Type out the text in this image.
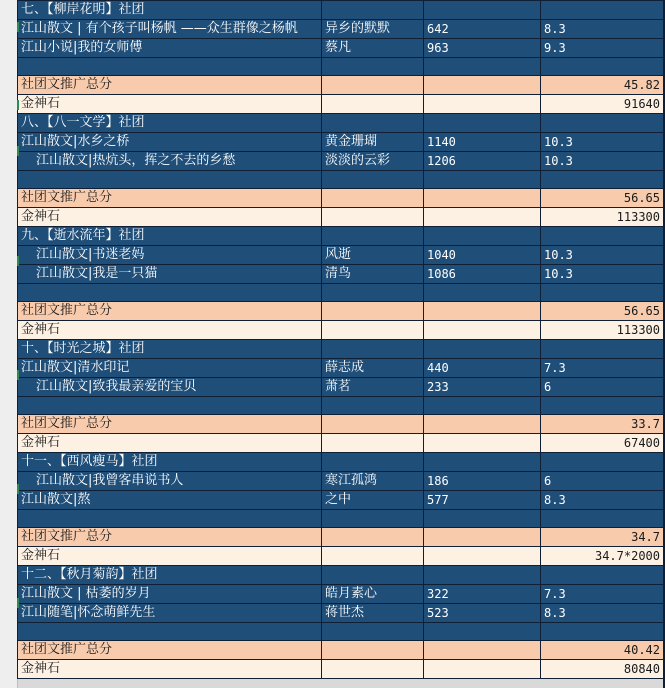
七、【柳岸花明】社团			
江山散文 | 有个孩子叫杨帆 ——众生群像之杨帆	异乡的默默	642	8.3
江山小说|我的女师傅	蔡凡	963	9.3

社团文推广总分			45.82
金神石			91640
八、【八一文学】社团			
江山散文|水乡之桥	黄金珊瑚	1140	10.3
江山散文|热炕头，挥之不去的乡愁	淡淡的云彩	1206	10.3

社团文推广总分			56.65
金神石			113300
九、【逝水流年】社团			
江山散文|书迷老妈	风逝	1040	10.3
江山散文|我是一只猫	清鸟	1086	10.3

社团文推广总分			56.65
金神石			113300
十、【时光之城】社团			
江山散文|清水印记	薛志成	440	7.3
江山散文|致我最亲爱的宝贝	萧茗	233	6

社团文推广总分			33.7
金神石			67400
十一、【西风瘦马】社团			
江山散文|我曾客串说书人	寒江孤鸿	186	6
江山散文|熬	之中	577	8.3

社团文推广总分			34.7
金神石			34.7*2000
十二、【秋月菊韵】社团			
江山散文 | 枯萎的岁月	皓月素心	322	7.3
江山随笔|怀念萌鲜先生	蒋世杰	523	8.3

社团文推广总分			40.42
金神石			80840
